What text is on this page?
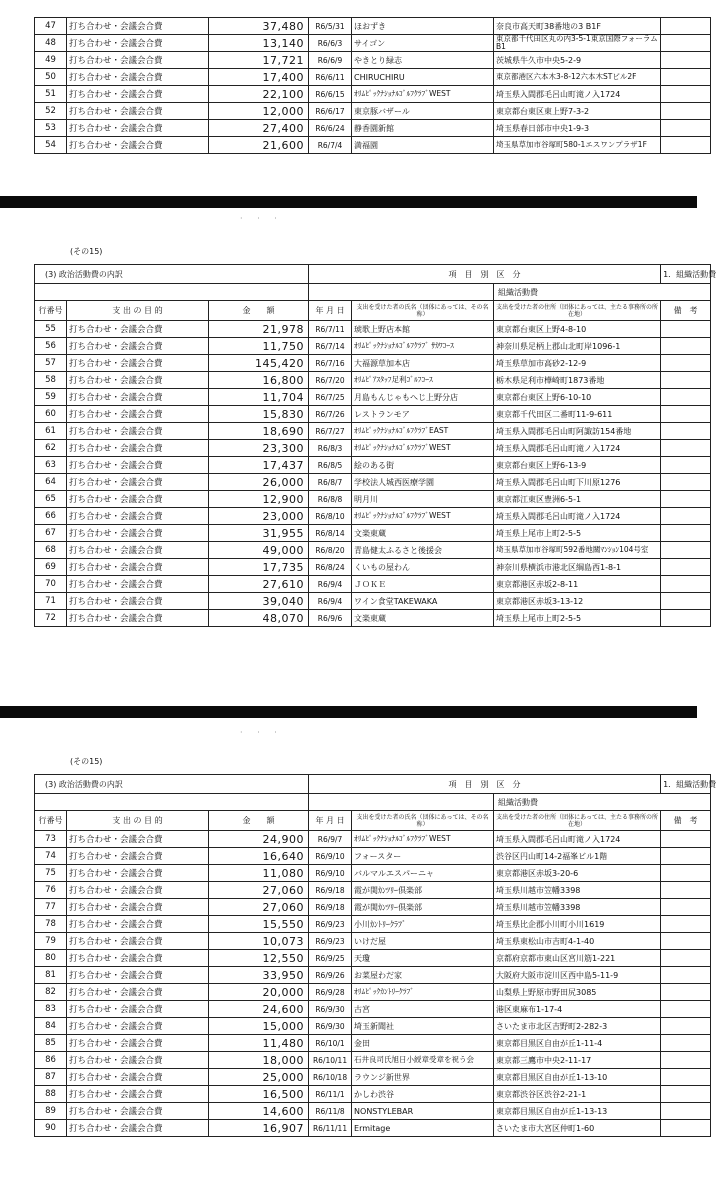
47	打ち合わせ・会議会合費	37,480	R6/5/31	ほおずき	奈良市高天町38番地の3 B1F	
48	打ち合わせ・会議会合費	13,140	R6/6/3	サイゴン	東京都千代田区丸の内3-5-1東京国際フォーラムB1	
49	打ち合わせ・会議会合費	17,721	R6/6/9	やきとり緑志	茨城県牛久市中央5-2-9	
50	打ち合わせ・会議会合費	17,400	R6/6/11	CHIRUCHIRU	東京都港区六本木3-8-12六本木STビル2F	
51	打ち合わせ・会議会合費	22,100	R6/6/15	ｵﾘﾑﾋﾟｯｸﾅｼｮﾅﾙｺﾞﾙﾌｸﾗﾌﾞWEST	埼玉県入間郡毛呂山町滝ノ入1724	
52	打ち合わせ・会議会合費	12,000	R6/6/17	東京豚バザール	東京都台東区東上野7-3-2	
53	打ち合わせ・会議会合費	27,400	R6/6/24	静香園新館	埼玉県春日部市中央1-9-3	
54	打ち合わせ・会議会合費	21,600	R6/7/4	満福園	埼玉県草加市谷塚町580-1エスワンプラザ1F	
· · ·
(その15)
(3) 政治活動費の内訳			項　目　別　区　分			1．組織活動費
					組織活動費	
行番号	支 出 の 目 的	金　　額	年 月 日	支出を受けた者の氏名（団体にあっては、その名称）	支出を受けた者の住所（団体にあっては、主たる事務所の所在地）	備　考
55	打ち合わせ・会議会合費	21,978	R6/7/11	琥歌上野店本館	東京都台東区上野4-8-10	
56	打ち合わせ・会議会合費	11,750	R6/7/14	ｵﾘﾑﾋﾟｯｸﾅｼｮﾅﾙｺﾞﾙﾌｸﾗﾌﾞ ｻｶﾜｺｰｽ	神奈川県足柄上郡山北町岸1096-1	
57	打ち合わせ・会議会合費	145,420	R6/7/16	大福源草加本店	埼玉県草加市高砂2-12-9	
58	打ち合わせ・会議会合費	16,800	R6/7/20	ｵﾘﾑﾋﾟｱｽﾀｯﾌ足利ｺﾞﾙﾌｺｰｽ	栃木県足利市樺崎町1873番地	
59	打ち合わせ・会議会合費	11,704	R6/7/25	月島もんじゃもへじ上野分店	東京都台東区上野6-10-10	
60	打ち合わせ・会議会合費	15,830	R6/7/26	レストランモア	東京都千代田区二番町11-9-611	
61	打ち合わせ・会議会合費	18,690	R6/7/27	ｵﾘﾑﾋﾟｯｸﾅｼｮﾅﾙｺﾞﾙﾌｸﾗﾌﾞEAST	埼玉県入間郡毛呂山町阿諏訪154番地	
62	打ち合わせ・会議会合費	23,300	R6/8/3	ｵﾘﾑﾋﾟｯｸﾅｼｮﾅﾙｺﾞﾙﾌｸﾗﾌﾞWEST	埼玉県入間郡毛呂山町滝ノ入1724	
63	打ち合わせ・会議会合費	17,437	R6/8/5	絵のある街	東京都台東区上野6-13-9	
64	打ち合わせ・会議会合費	26,000	R6/8/7	学校法人城西医療学園	埼玉県入間郡毛呂山町下川原1276	
65	打ち合わせ・会議会合費	12,900	R6/8/8	明月川	東京都江東区豊洲6-5-1	
66	打ち合わせ・会議会合費	23,000	R6/8/10	ｵﾘﾑﾋﾟｯｸﾅｼｮﾅﾙｺﾞﾙﾌｸﾗﾌﾞWEST	埼玉県入間郡毛呂山町滝ノ入1724	
67	打ち合わせ・会議会合費	31,955	R6/8/14	文楽東蔵	埼玉県上尾市上町2-5-5	
68	打ち合わせ・会議会合費	49,000	R6/8/20	青島健太ふるさと後援会	埼玉県草加市谷塚町592番地關ﾏﾝｼｮﾝ104号室	
69	打ち合わせ・会議会合費	17,735	R6/8/24	くいもの屋わん	神奈川県横浜市港北区綱島西1-8-1	
70	打ち合わせ・会議会合費	27,610	R6/9/4	ＪＯＫＥ	東京都港区赤坂2-8-11	
71	打ち合わせ・会議会合費	39,040	R6/9/4	ワイン食堂TAKEWAKA	東京都港区赤坂3-13-12	
72	打ち合わせ・会議会合費	48,070	R6/9/6	文楽東蔵	埼玉県上尾市上町2-5-5	
· · ·
(その15)
(3) 政治活動費の内訳			項　目　別　区　分			1．組織活動費
					組織活動費	
行番号	支 出 の 目 的	金　　額	年 月 日	支出を受けた者の氏名（団体にあっては、その名称）	支出を受けた者の住所（団体にあっては、主たる事務所の所在地）	備　考
73	打ち合わせ・会議会合費	24,900	R6/9/7	ｵﾘﾑﾋﾟｯｸﾅｼｮﾅﾙｺﾞﾙﾌｸﾗﾌﾞWEST	埼玉県入間郡毛呂山町滝ノ入1724	
74	打ち合わせ・会議会合費	16,640	R6/9/10	フォースター	渋谷区円山町14-2福峯ビル1階	
75	打ち合わせ・会議会合費	11,080	R6/9/10	バルマルエスパーニャ	東京都港区赤坂3-20-6	
76	打ち合わせ・会議会合費	27,060	R6/9/18	霞が関ｶﾝﾂﾘｰ倶楽部	埼玉県川越市笠幡3398	
77	打ち合わせ・会議会合費	27,060	R6/9/18	霞が関ｶﾝﾂﾘｰ倶楽部	埼玉県川越市笠幡3398	
78	打ち合わせ・会議会合費	15,550	R6/9/23	小川ｶﾝﾄﾘｰｸﾗﾌﾞ	埼玉県比企郡小川町小川1619	
79	打ち合わせ・会議会合費	10,073	R6/9/23	いけだ屋	埼玉県東松山市吉町4-1-40	
80	打ち合わせ・会議会合費	12,550	R6/9/25	天瓊	京都府京都市東山区宮川筋1-221	
81	打ち合わせ・会議会合費	33,950	R6/9/26	お菜屋わだ家	大阪府大阪市淀川区西中島5-11-9	
82	打ち合わせ・会議会合費	20,000	R6/9/28	ｵﾘﾑﾋﾟｯｸｶﾝﾄﾘｰｸﾗﾌﾞ	山梨県上野原市野田尻3085	
83	打ち合わせ・会議会合費	24,600	R6/9/30	古宮	港区東麻布1-17-4	
84	打ち合わせ・会議会合費	15,000	R6/9/30	埼玉新聞社	さいたま市北区吉野町2-282-3	
85	打ち合わせ・会議会合費	11,480	R6/10/1	金田	東京都目黒区自由が丘1-11-4	
86	打ち合わせ・会議会合費	18,000	R6/10/11	石井良司氏旭日小綬章受章を祝う会	東京都三鷹市中央2-11-17	
87	打ち合わせ・会議会合費	25,000	R6/10/18	ラウンジ新世界	東京都目黒区自由が丘1-13-10	
88	打ち合わせ・会議会合費	16,500	R6/11/1	かしわ渋谷	東京都渋谷区渋谷2-21-1	
89	打ち合わせ・会議会合費	14,600	R6/11/8	NONSTYLEBAR	東京都目黒区自由が丘1-13-13	
90	打ち合わせ・会議会合費	16,907	R6/11/11	Ermitage	さいたま市大宮区仲町1-60	
